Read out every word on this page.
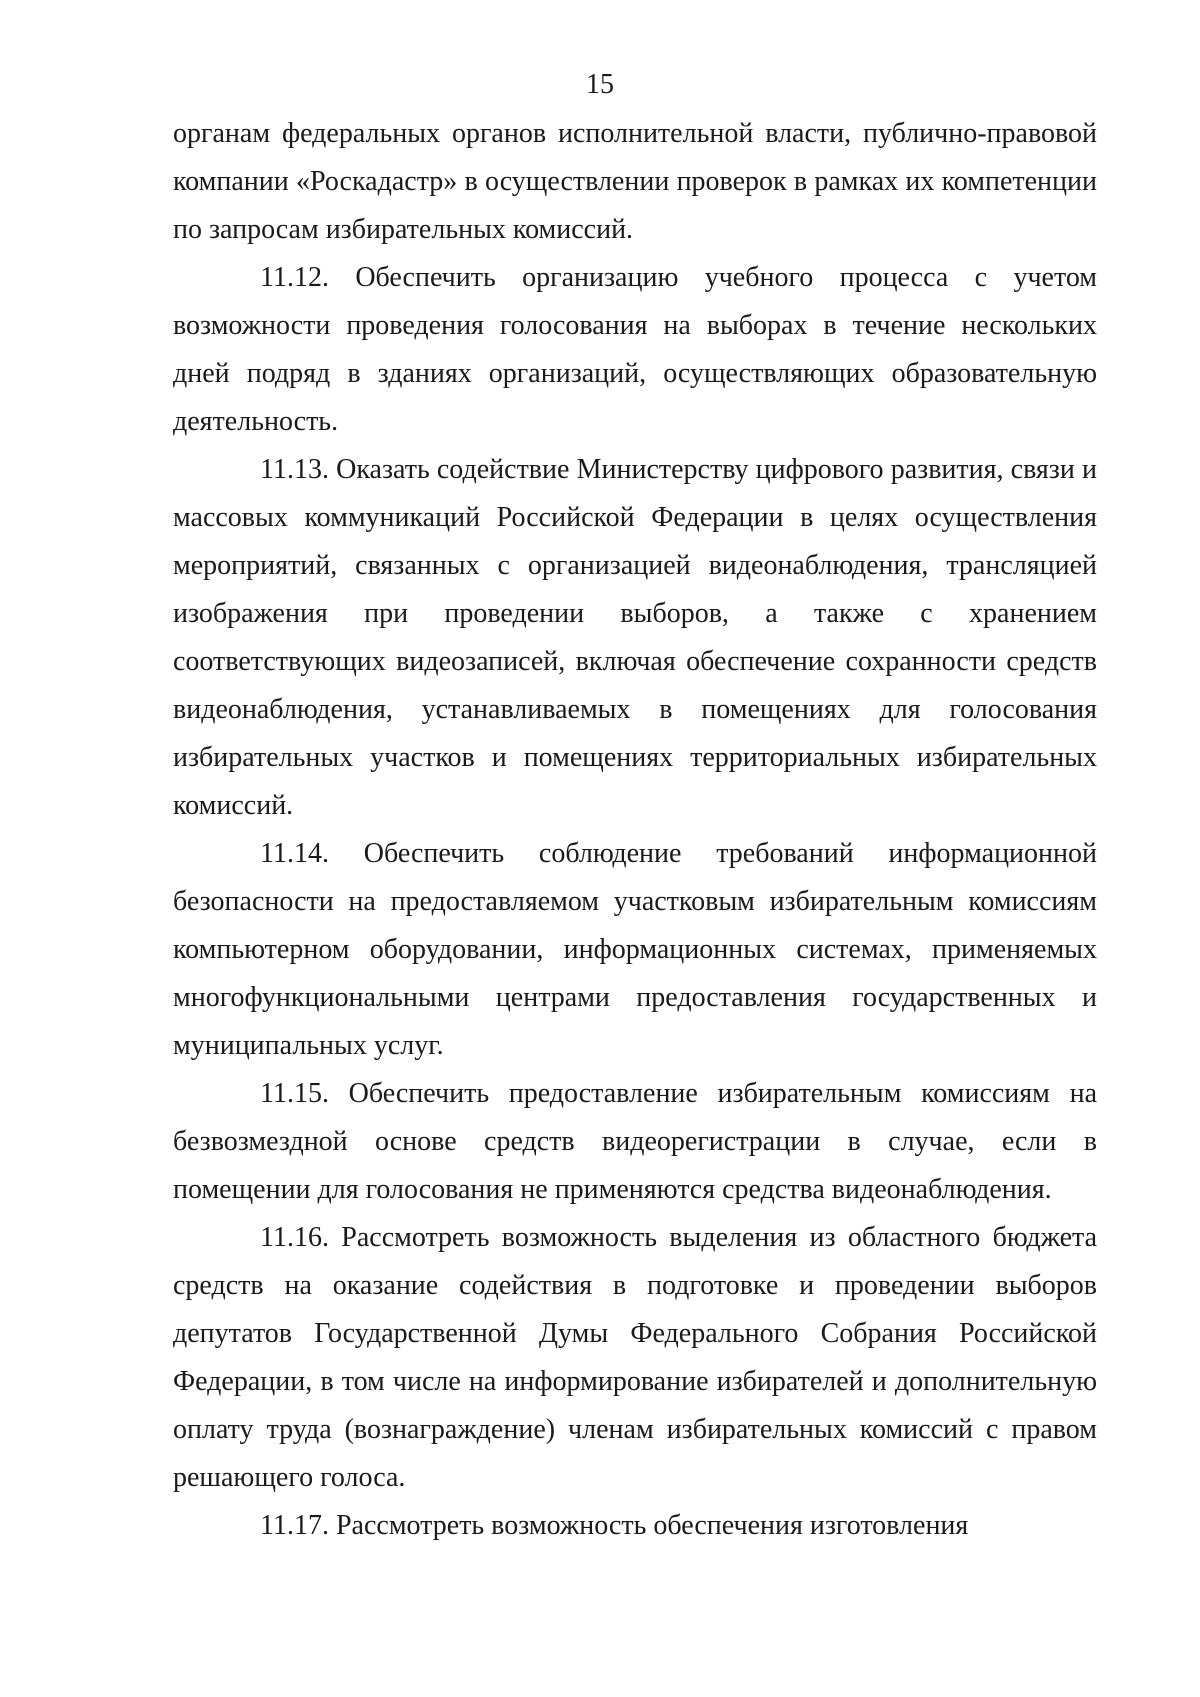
15

органам федеральных органов исполнительной власти, публично-правовой компании «Роскадастр» в осуществлении проверок в рамках их компетенции по запросам избирательных комиссий.

11.12. Обеспечить организацию учебного процесса с учетом возможности проведения голосования на выборах в течение нескольких дней подряд в зданиях организаций, осуществляющих образовательную деятельность.

11.13. Оказать содействие Министерству цифрового развития, связи и массовых коммуникаций Российской Федерации в целях осуществления мероприятий, связанных с организацией видеонаблюдения, трансляцией изображения при проведении выборов, а также с хранением соответствующих видеозаписей, включая обеспечение сохранности средств видеонаблюдения, устанавливаемых в помещениях для голосования избирательных участков и помещениях территориальных избирательных комиссий.

11.14. Обеспечить соблюдение требований информационной безопасности на предоставляемом участковым избирательным комиссиям компьютерном оборудовании, информационных системах, применяемых многофункциональными центрами предоставления государственных и муниципальных услуг.

11.15. Обеспечить предоставление избирательным комиссиям на безвозмездной основе средств видеорегистрации в случае, если в помещении для голосования не применяются средства видеонаблюдения.

11.16. Рассмотреть возможность выделения из областного бюджета средств на оказание содействия в подготовке и проведении выборов депутатов Государственной Думы Федерального Собрания Российской Федерации, в том числе на информирование избирателей и дополнительную оплату труда (вознаграждение) членам избирательных комиссий с правом решающего голоса.

11.17. Рассмотреть возможность обеспечения изготовления
